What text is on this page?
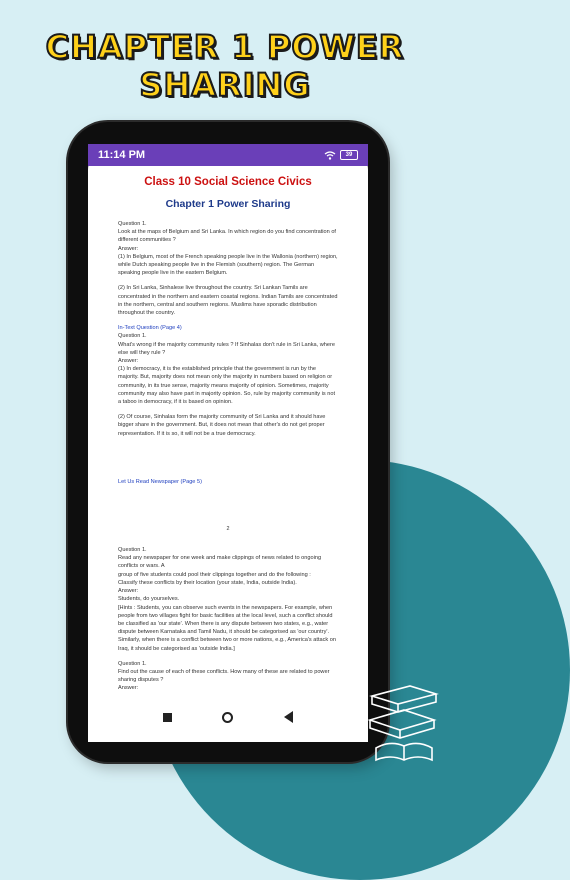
CHAPTER 1 POWER SHARING
11:14 PM	39
Class 10 Social Science Civics
Chapter 1 Power Sharing

Question 1.
Look at the maps of Belgium and Sri Lanka. In which region do you find concentration of different communities ?
Answer:
(1) In Belgium, most of the French speaking people live in the Wallonia (northern) region, while Dutch speaking people live in the Flemish (southern) region. The German speaking people live in the eastern Belgium.

(2) In Sri Lanka, Sinhalese live throughout the country. Sri Lankan Tamils are concentrated in the northern and eastern coastal regions. Indian Tamils are concentrated in the northern, central and southern regions. Muslims have sporadic distribution throughout the country.

In-Text Question (Page 4)

Question 1.
What's wrong if the majority community rules ? If Sinhalas don't rule in Sri Lanka, where else will they rule ?
Answer:
(1) In democracy, it is the established principle that the government is run by the majority. But, majority does not mean only the majority in numbers based on religion or community, in its true sense, majority means majority of opinion. Sometimes, majority community may also have part in majority opinion. So, rule by majority community is not a taboo in democracy, if it is based on opinion.

(2) Of course, Sinhalas form the majority community of Sri Lanka and it should have bigger share in the government. But, it does not mean that other's do not get proper representation. If it is so, it will not be a true democracy.

Let Us Read Newspaper (Page 5)
2

Question 1.
Read any newspaper for one week and make clippings of news related to ongoing conflicts or wars. A
group of five students could pool their clippings together and do the following :
Classify these conflicts by their location (your state, India, outside India).
Answer:
Students, do yourselves.
[Hints : Students, you can observe such events in the newspapers. For example, when people from two villages fight for basic facilities at the local level, such a conflict should be classified as 'our state'. When there is any dispute between two states, e.g., water dispute between Karnataka and Tamil Nadu, it should be categorised as 'our country'. Similarly, when there is a conflict between two or more nations, e.g., America's attack on Iraq, it should be categorised as 'outside India.]

Question 1.
Find out the cause of each of these conflicts. How many of these are related to power sharing disputes ?
Answer:
